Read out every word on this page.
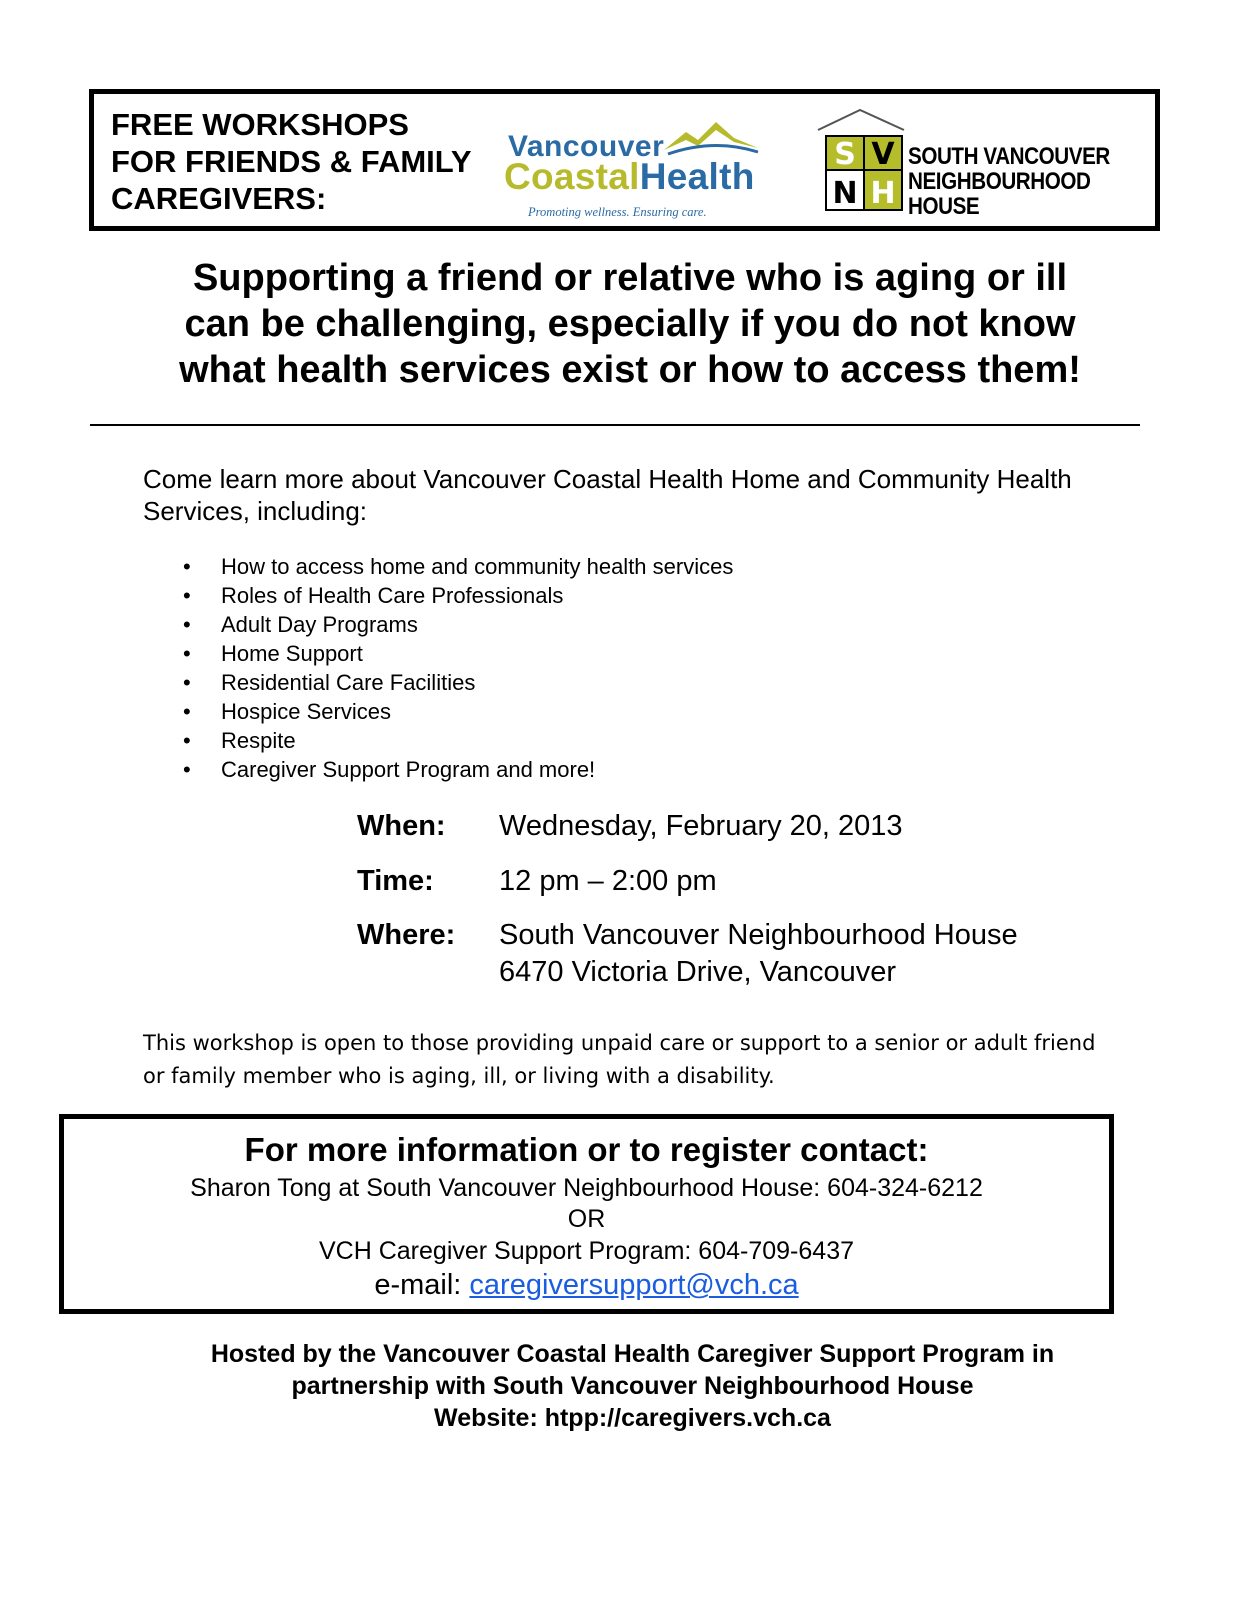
FREE WORKSHOPS
FOR FRIENDS & FAMILY
CAREGIVERS:
Vancouver
CoastalHealth
Promoting wellness. Ensuring care.
S V
N H
SOUTH VANCOUVER
NEIGHBOURHOOD
HOUSE
Supporting a friend or relative who is aging or ill
can be challenging, especially if you do not know
what health services exist or how to access them!
Come learn more about Vancouver Coastal Health Home and Community Health Services, including:
• How to access home and community health services
• Roles of Health Care Professionals
• Adult Day Programs
• Home Support
• Residential Care Facilities
• Hospice Services
• Respite
• Caregiver Support Program and more!
When: Wednesday, February 20, 2013
Time: 12 pm – 2:00 pm
Where: South Vancouver Neighbourhood House
6470 Victoria Drive, Vancouver
This workshop is open to those providing unpaid care or support to a senior or adult friend or family member who is aging, ill, or living with a disability.
For more information or to register contact:
Sharon Tong at South Vancouver Neighbourhood House: 604-324-6212
OR
VCH Caregiver Support Program: 604-709-6437
e-mail: caregiversupport@vch.ca
Hosted by the Vancouver Coastal Health Caregiver Support Program in
partnership with South Vancouver Neighbourhood House
Website: htpp://caregivers.vch.ca
